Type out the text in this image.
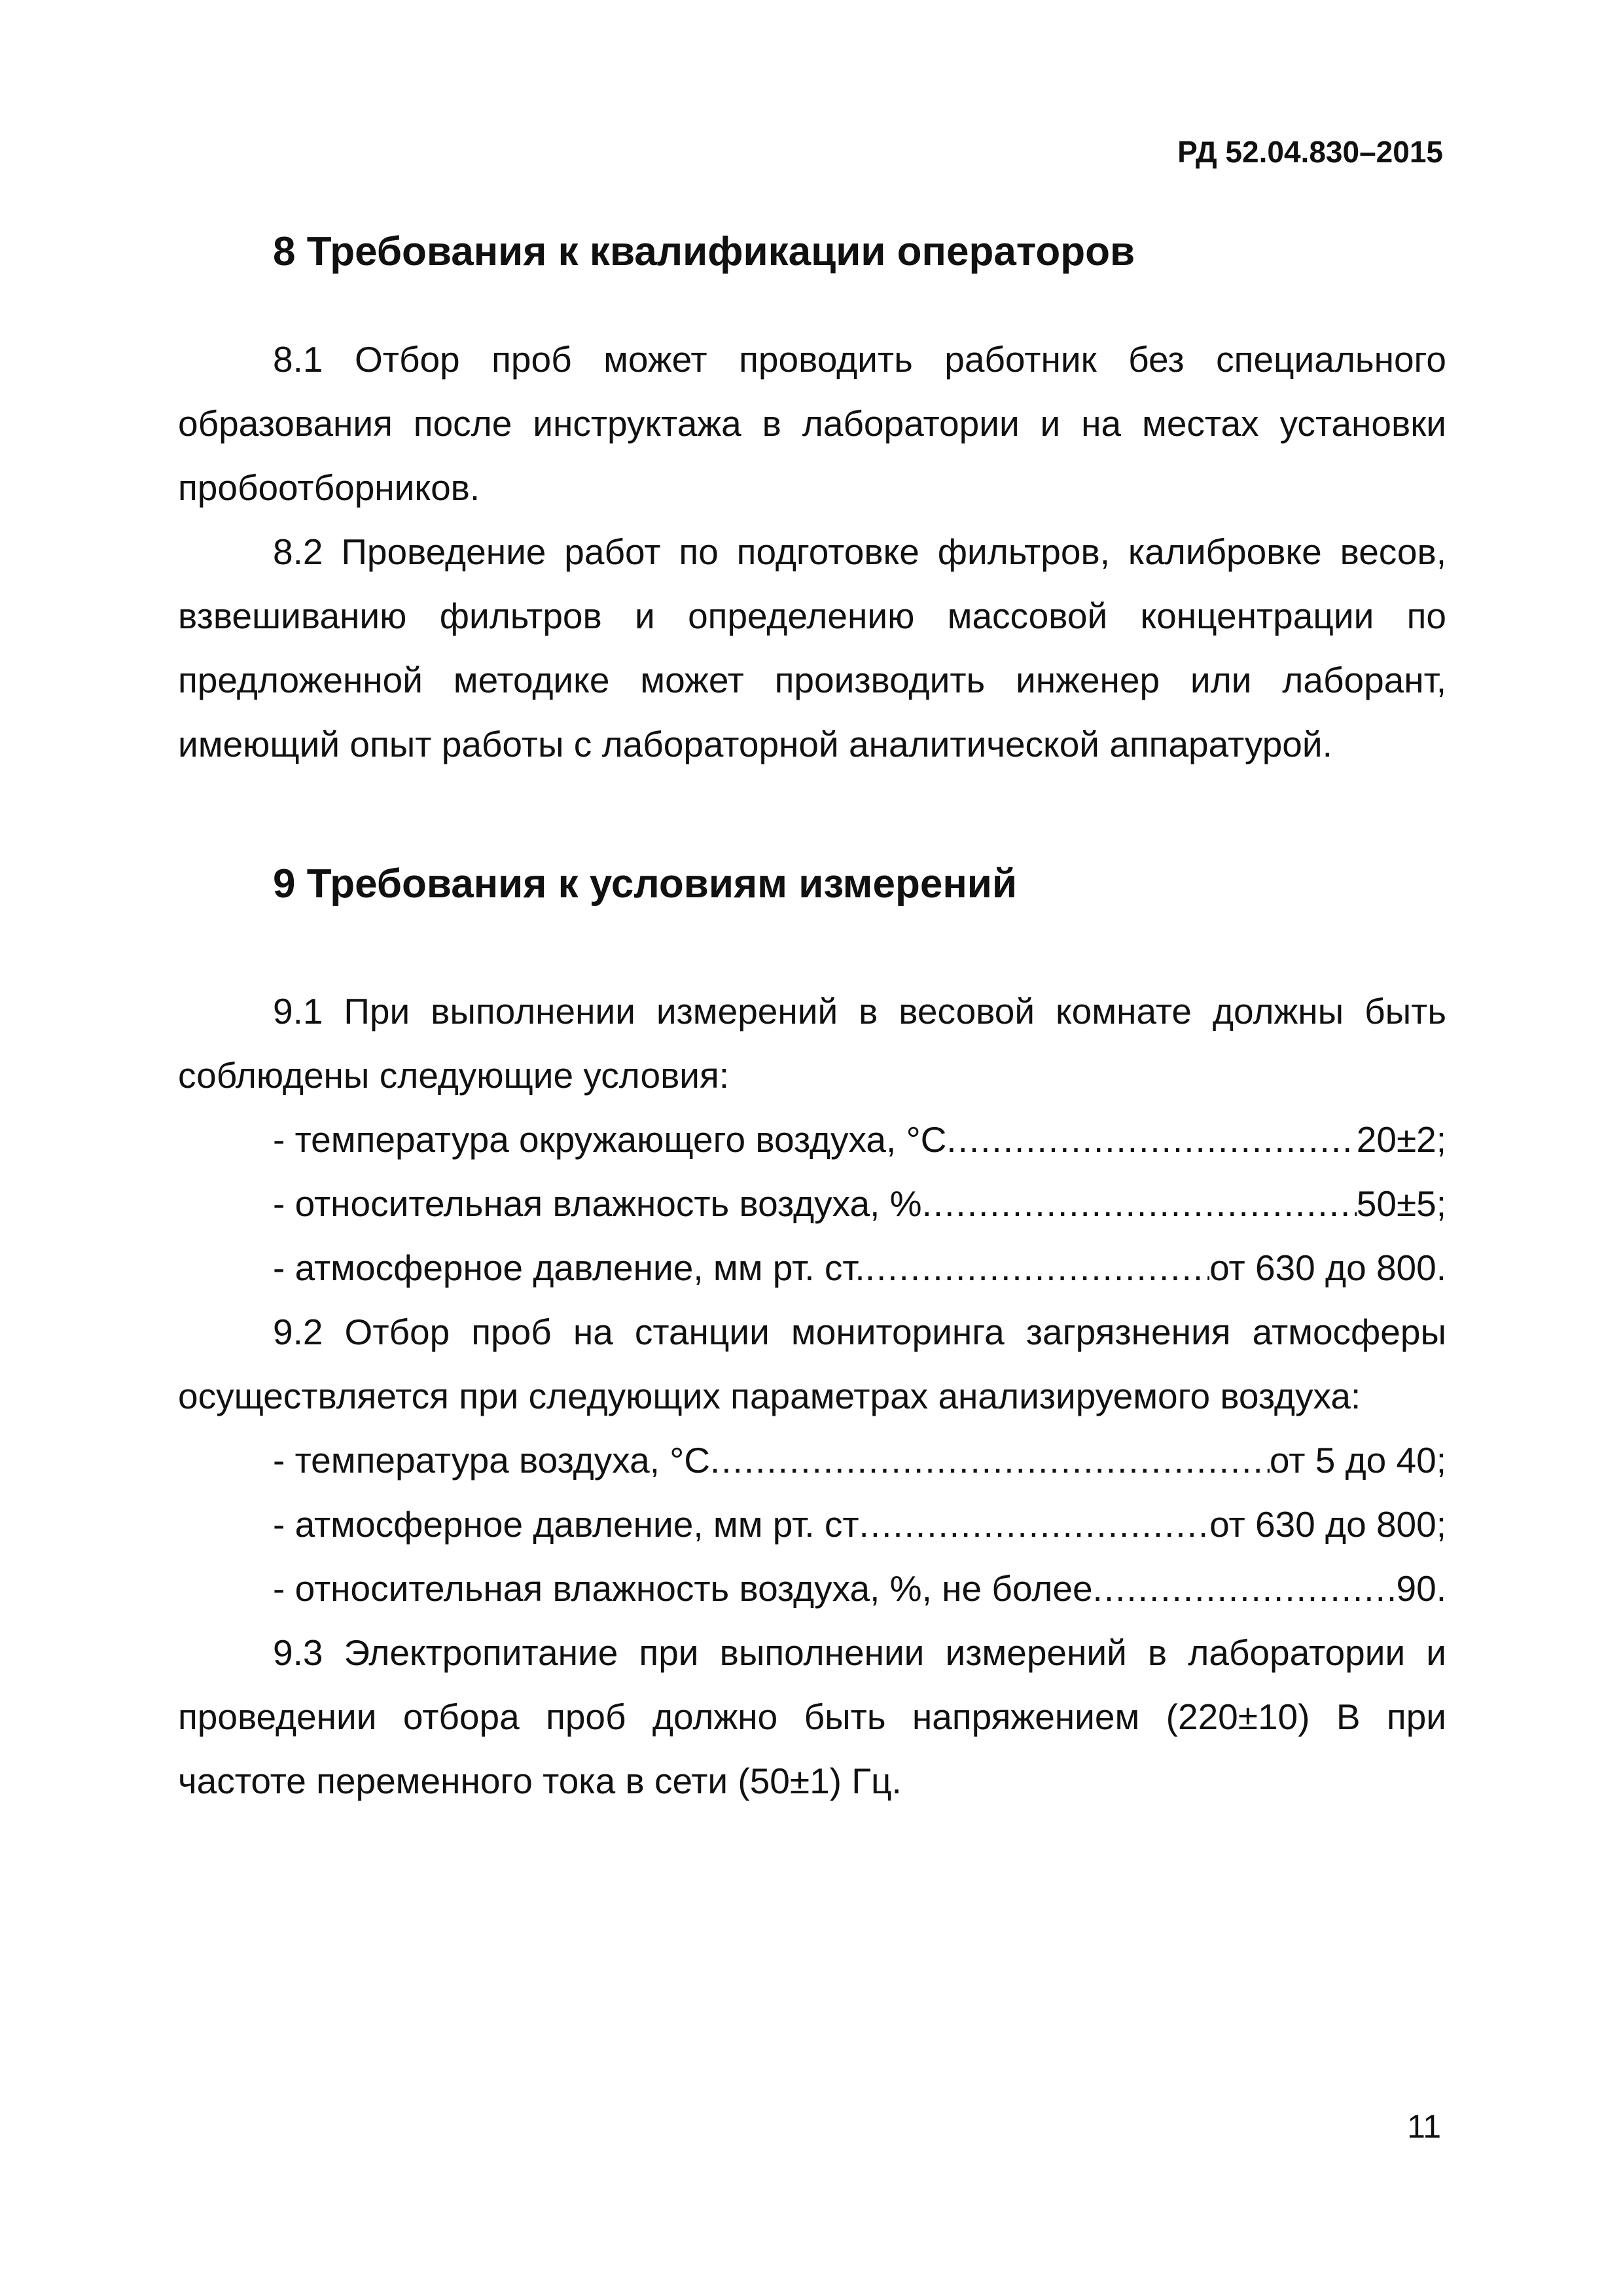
РД 52.04.830–2015
8 Требования к квалификации операторов

8.1 Отбор проб может проводить работник без специального образования после инструктажа в лаборатории и на местах установки пробоотборников.

8.2 Проведение работ по подготовке фильтров, калибровке весов, взвешиванию фильтров и определению массовой концентрации по предложенной методике может производить инженер или лаборант, имеющий опыт работы с лабораторной аналитической аппаратурой.

9 Требования к условиям измерений

9.1 При выполнении измерений в весовой комнате должны быть соблюдены следующие условия:

- температура окружающего воздуха, °С .....	20±2;
- относительная влажность воздуха, % .....	50±5;
- атмосферное давление, мм рт. ст. .....	от 630 до 800.

9.2 Отбор проб на станции мониторинга загрязнения атмосферы осуществляется при следующих параметрах анализируемого воздуха:

- температура воздуха, °С .....	от 5 до 40;
- атмосферное давление, мм рт. ст .....	от 630 до 800;
- относительная влажность воздуха, %, не более .....	90.

9.3 Электропитание при выполнении измерений в лаборатории и проведении отбора проб должно быть напряжением (220±10) В при частоте переменного тока в сети (50±1) Гц.

11
